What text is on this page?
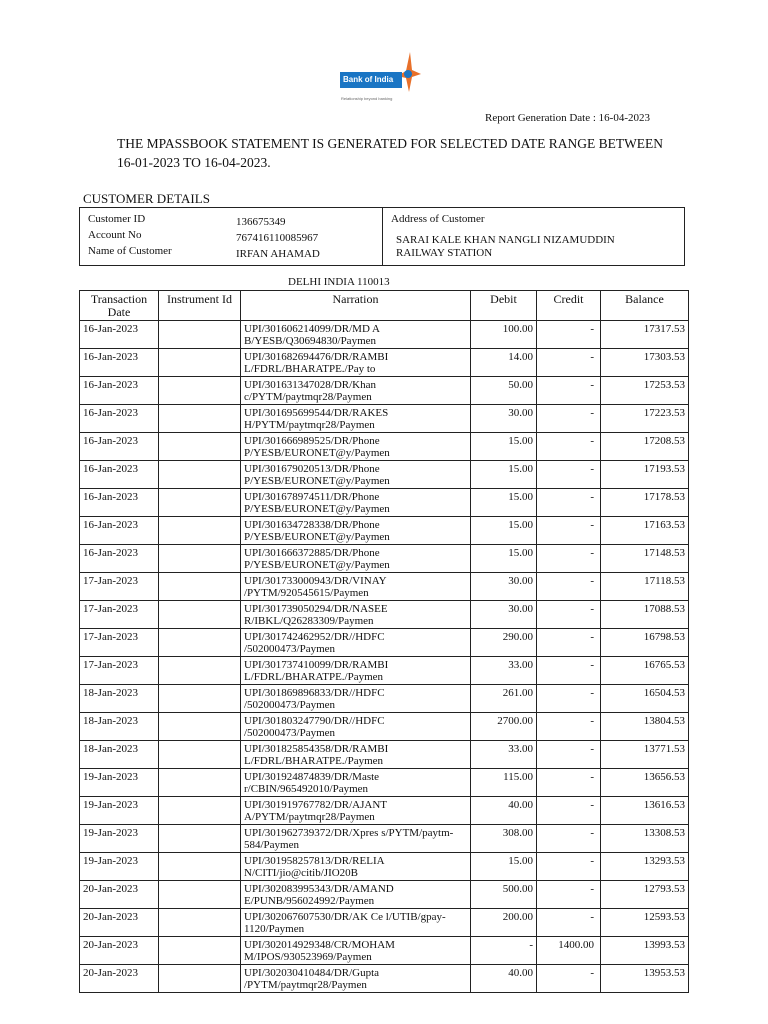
Bank of India
Relationship beyond banking
Report Generation Date : 16-04-2023
THE MPASSBOOK STATEMENT IS GENERATED FOR SELECTED DATE RANGE BETWEEN
16-01-2023 TO 16-04-2023.
CUSTOMER DETAILS
Customer ID	136675349
Account No	767416110085967
Name of Customer	IRFAN AHAMAD
Address of Customer
SARAI KALE KHAN NANGLI NIZAMUDDIN
RAILWAY STATION
DELHI INDIA 110013
Transaction
Date	Instrument Id	Narration	Debit	Credit	Balance
16-Jan-2023		UPI/301606214099/DR/MD A
B/YESB/Q30694830/Paymen	100.00	-	17317.53
16-Jan-2023		UPI/301682694476/DR/RAMBI
L/FDRL/BHARATPE./Pay to	14.00	-	17303.53
16-Jan-2023		UPI/301631347028/DR/Khan
c/PYTM/paytmqr28/Paymen	50.00	-	17253.53
16-Jan-2023		UPI/301695699544/DR/RAKES
H/PYTM/paytmqr28/Paymen	30.00	-	17223.53
16-Jan-2023		UPI/301666989525/DR/Phone
P/YESB/EURONET@y/Paymen	15.00	-	17208.53
16-Jan-2023		UPI/301679020513/DR/Phone
P/YESB/EURONET@y/Paymen	15.00	-	17193.53
16-Jan-2023		UPI/301678974511/DR/Phone
P/YESB/EURONET@y/Paymen	15.00	-	17178.53
16-Jan-2023		UPI/301634728338/DR/Phone
P/YESB/EURONET@y/Paymen	15.00	-	17163.53
16-Jan-2023		UPI/301666372885/DR/Phone
P/YESB/EURONET@y/Paymen	15.00	-	17148.53
17-Jan-2023		UPI/301733000943/DR/VINAY
/PYTM/920545615/Paymen	30.00	-	17118.53
17-Jan-2023		UPI/301739050294/DR/NASEE
R/IBKL/Q26283309/Paymen	30.00	-	17088.53
17-Jan-2023		UPI/301742462952/DR//HDFC
/502000473/Paymen	290.00	-	16798.53
17-Jan-2023		UPI/301737410099/DR/RAMBI
L/FDRL/BHARATPE./Paymen	33.00	-	16765.53
18-Jan-2023		UPI/301869896833/DR//HDFC
/502000473/Paymen	261.00	-	16504.53
18-Jan-2023		UPI/301803247790/DR//HDFC
/502000473/Paymen	2700.00	-	13804.53
18-Jan-2023		UPI/301825854358/DR/RAMBI
L/FDRL/BHARATPE./Paymen	33.00	-	13771.53
19-Jan-2023		UPI/301924874839/DR/Maste
r/CBIN/965492010/Paymen	115.00	-	13656.53
19-Jan-2023		UPI/301919767782/DR/AJANT
A/PYTM/paytmqr28/Paymen	40.00	-	13616.53
19-Jan-2023		UPI/301962739372/DR/Xpres s/PYTM/paytm-
584/Paymen	308.00	-	13308.53
19-Jan-2023		UPI/301958257813/DR/RELIA
N/CITI/jio@citib/JIO20B	15.00	-	13293.53
20-Jan-2023		UPI/302083995343/DR/AMAND
E/PUNB/956024992/Paymen	500.00	-	12793.53
20-Jan-2023		UPI/302067607530/DR/AK Ce l/UTIB/gpay-
1120/Paymen	200.00	-	12593.53
20-Jan-2023		UPI/302014929348/CR/MOHAM
M/IPOS/930523969/Paymen	-	1400.00	13993.53
20-Jan-2023		UPI/302030410484/DR/Gupta
/PYTM/paytmqr28/Paymen	40.00	-	13953.53
